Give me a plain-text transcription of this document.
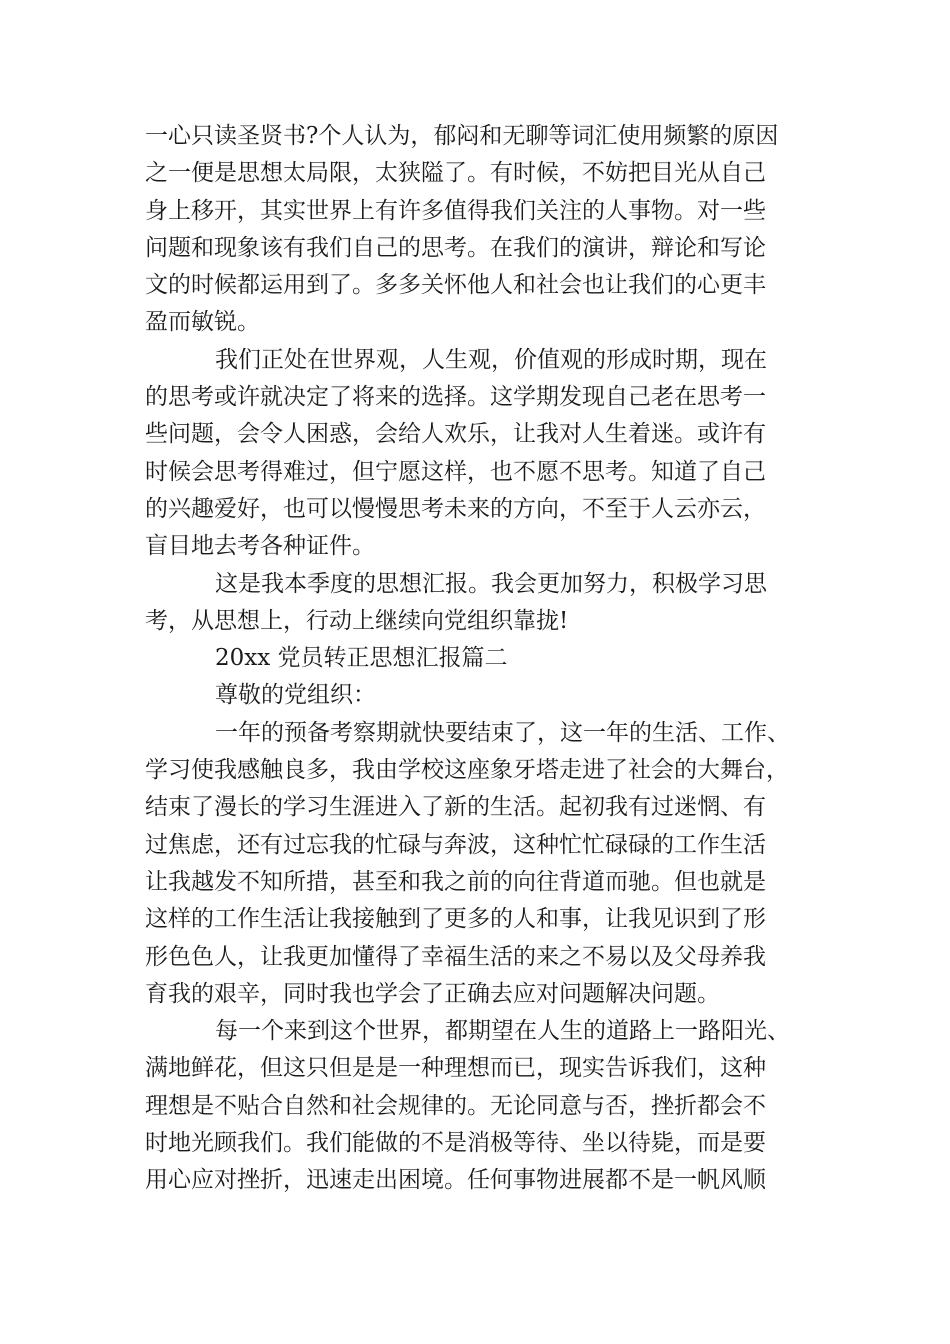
一心只读圣贤书?个人认为，郁闷和无聊等词汇使用频繁的原因
之一便是思想太局限，太狭隘了。有时候，不妨把目光从自己
身上移开，其实世界上有许多值得我们关注的人事物。对一些
问题和现象该有我们自己的思考。在我们的演讲，辩论和写论
文的时候都运用到了。多多关怀他人和社会也让我们的心更丰
盈而敏锐。
我们正处在世界观，人生观，价值观的形成时期，现在
的思考或许就决定了将来的选择。这学期发现自己老在思考一
些问题，会令人困惑，会给人欢乐，让我对人生着迷。或许有
时候会思考得难过，但宁愿这样，也不愿不思考。知道了自己
的兴趣爱好，也可以慢慢思考未来的方向，不至于人云亦云，
盲目地去考各种证件。
这是我本季度的思想汇报。我会更加努力，积极学习思
考，从思想上，行动上继续向党组织靠拢!
20xx 党员转正思想汇报篇二
尊敬的党组织：
一年的预备考察期就快要结束了，这一年的生活、工作、
学习使我感触良多，我由学校这座象牙塔走进了社会的大舞台，
结束了漫长的学习生涯进入了新的生活。起初我有过迷惘、有
过焦虑，还有过忘我的忙碌与奔波，这种忙忙碌碌的工作生活
让我越发不知所措，甚至和我之前的向往背道而驰。但也就是
这样的工作生活让我接触到了更多的人和事，让我见识到了形
形色色人，让我更加懂得了幸福生活的来之不易以及父母养我
育我的艰辛，同时我也学会了正确去应对问题解决问题。
每一个来到这个世界，都期望在人生的道路上一路阳光、
满地鲜花，但这只但是是一种理想而已，现实告诉我们，这种
理想是不贴合自然和社会规律的。无论同意与否，挫折都会不
时地光顾我们。我们能做的不是消极等待、坐以待毙，而是要
用心应对挫折，迅速走出困境。任何事物进展都不是一帆风顺
